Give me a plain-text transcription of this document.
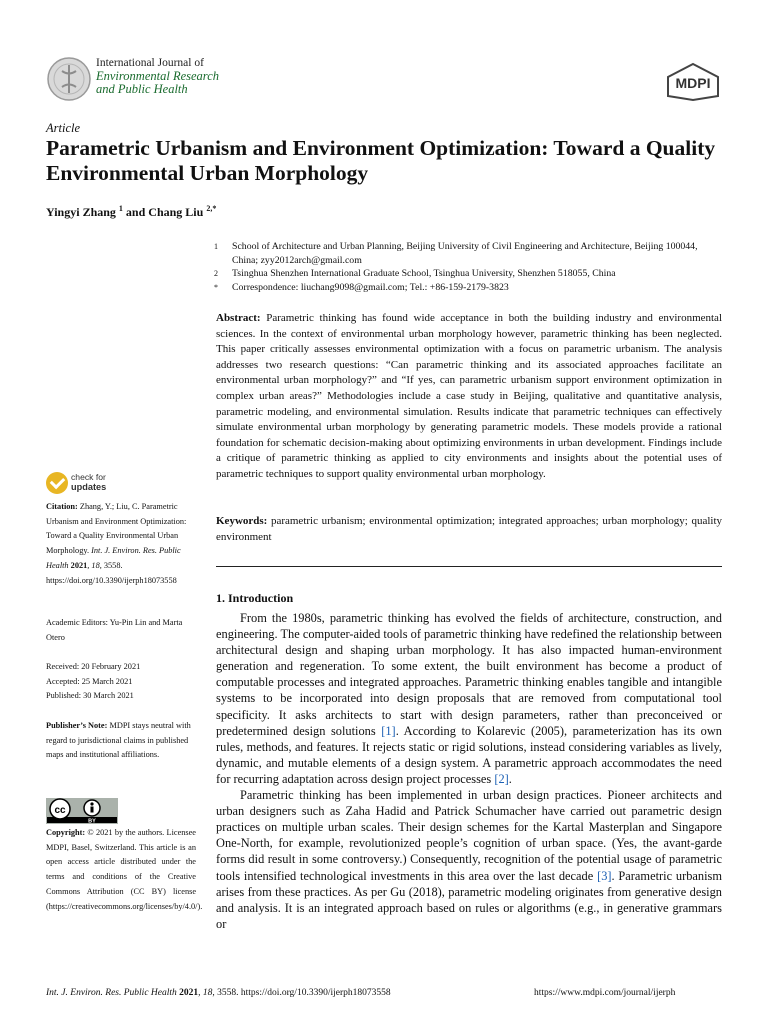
International Journal of
Environmental Research
and Public Health	MDPI
Article
Parametric Urbanism and Environment Optimization: Toward a Quality Environmental Urban Morphology
Yingyi Zhang $^1$ and Chang Liu $^{2,*}$
1	School of Architecture and Urban Planning, Beijing University of Civil Engineering and Architecture, Beijing 100044, China; zyy2012arch@gmail.com
2	Tsinghua Shenzhen International Graduate School, Tsinghua University, Shenzhen 518055, China
*	Correspondence: liuchang9098@gmail.com; Tel.: +86-159-2179-3823
Abstract: Parametric thinking has found wide acceptance in both the building industry and environmental sciences. In the context of environmental urban morphology however, parametric thinking has been neglected. This paper critically assesses environmental optimization with a focus on parametric urbanism. The analysis addresses two research questions: “Can parametric thinking and its associated approaches facilitate an environmental urban morphology?” and “If yes, can parametric urbanism support environment optimization in complex urban areas?” Methodologies include a case study in Beijing, qualitative and quantitative analysis, parametric modeling, and environmental simulation. Results indicate that parametric techniques can effectively simulate environmental urban morphology by generating parametric models. These models provide a rational foundation for schematic decision-making about optimizing environments in urban development. Findings include a critique of parametric thinking as applied to city environments and insights about the potential uses of parametric techniques to support quality environmental urban morphology.
Keywords: parametric urbanism; environmental optimization; integrated approaches; urban morphology; quality environment
1. Introduction

From the 1980s, parametric thinking has evolved the fields of architecture, construction, and engineering. The computer-aided tools of parametric thinking have redefined the relationship between architectural design and shaping urban morphology. It has also impacted human-environment generation and regeneration. To some extent, the built environment has become a product of computable processes and integrated approaches. Parametric thinking enables tangible and intangible systems to be incorporated into design proposals that are removed from computational tool specificity. It asks architects to start with design parameters, rather than preconceived or predetermined design solutions [1]. According to Kolarevic (2005), parameterization has its own rules, methods, and features. It rejects static or rigid solutions, instead considering variables as lively, dynamic, and mutable elements of a design system. A parametric approach accommodates the need for recurring adaptation across design project processes [2].

Parametric thinking has been implemented in urban design practices. Pioneer architects and urban designers such as Zaha Hadid and Patrick Schumacher have carried out parametric design practices on multiple urban scales. Their design schemes for the Kartal Masterplan and Singapore One-North, for example, revolutionized people’s cognition of urban space. (Yes, the avant-garde forms did result in some controversy.) Consequently, recognition of the potential usage of parametric tools intensified technological investments in this area over the last decade [3]. Parametric urbanism arises from these practices. As per Gu (2018), parametric modeling originates from generative design and analysis. It is an integrated approach based on rules or algorithms (e.g., in generative grammars or

check for
updates
Citation: Zhang, Y.; Liu, C. Parametric Urbanism and Environment Optimization: Toward a Quality Environmental Urban Morphology. Int. J. Environ. Res. Public Health 2021, 18, 3558. https://doi.org/10.3390/ijerph18073558
Academic Editors: Yu-Pin Lin and Marta Otero
Received: 20 February 2021
Accepted: 25 March 2021
Published: 30 March 2021
Publisher’s Note: MDPI stays neutral with regard to jurisdictional claims in published maps and institutional affiliations.
cc
BY
Copyright: © 2021 by the authors. Licensee MDPI, Basel, Switzerland. This article is an open access article distributed under the terms and conditions of the Creative Commons Attribution (CC BY) license (https://creativecommons.org/licenses/by/4.0/).
Int. J. Environ. Res. Public Health 2021, 18, 3558. https://doi.org/10.3390/ijerph18073558	https://www.mdpi.com/journal/ijerph
